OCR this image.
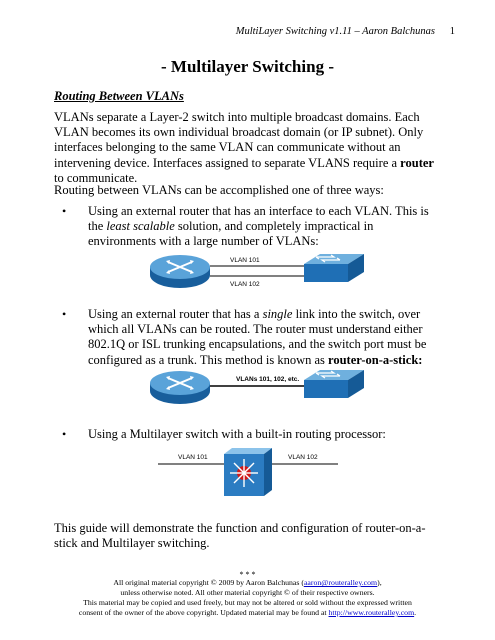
MultiLayer Switching v1.11 – Aaron Balchunas 1
- Multilayer Switching -
Routing Between VLANs
VLANs separate a Layer-2 switch into multiple broadcast domains. Each VLAN becomes its own individual broadcast domain (or IP subnet). Only interfaces belonging to the same VLAN can communicate without an intervening device. Interfaces assigned to separate VLANS require a router to communicate.
Routing between VLANs can be accomplished one of three ways:
• Using an external router that has an interface to each VLAN. This is the least scalable solution, and completely impractical in environments with a large number of VLANs:
VLAN 101
VLAN 102
• Using an external router that has a single link into the switch, over which all VLANs can be routed. The router must understand either 802.1Q or ISL trunking encapsulations, and the switch port must be configured as a trunk. This method is known as router-on-a-stick:
VLANs 101, 102, etc.
• Using a Multilayer switch with a built-in routing processor:
VLAN 101	VLAN 102
This guide will demonstrate the function and configuration of router-on-a-stick and Multilayer switching.
* * *
All original material copyright © 2009 by Aaron Balchunas (aaron@routeralley.com),
unless otherwise noted. All other material copyright © of their respective owners.
This material may be copied and used freely, but may not be altered or sold without the expressed written
consent of the owner of the above copyright. Updated material may be found at http://www.routeralley.com.
